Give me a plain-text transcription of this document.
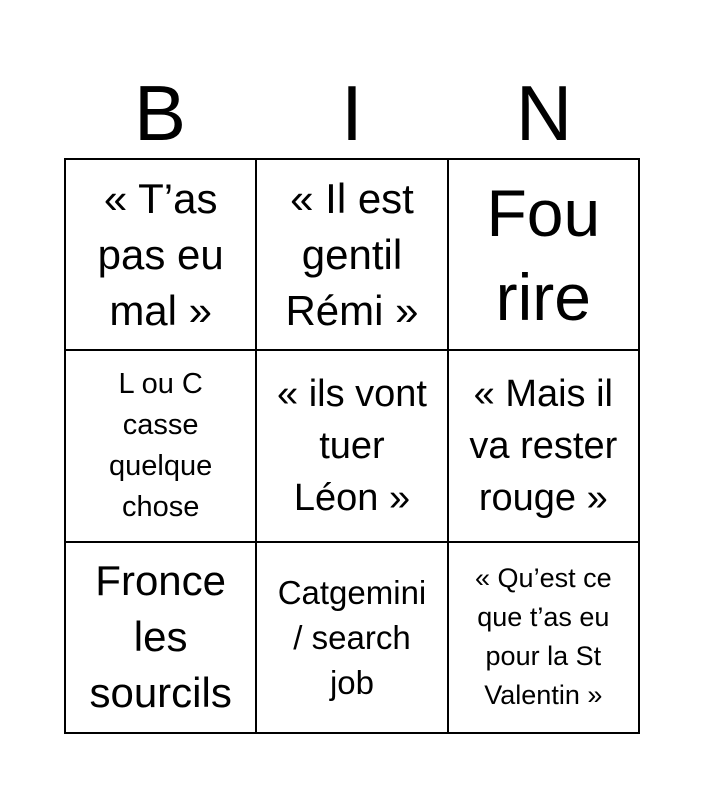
B	I	N
« T’as
pas eu
mal »
« Il est
gentil
Rémi »
Fou
rire
L ou C
casse
quelque
chose
« ils vont
tuer
Léon »
« Mais il
va rester
rouge »
Fronce
les
sourcils
Catgemini
/ search
job
« Qu’est ce
que t’as eu
pour la St
Valentin »
